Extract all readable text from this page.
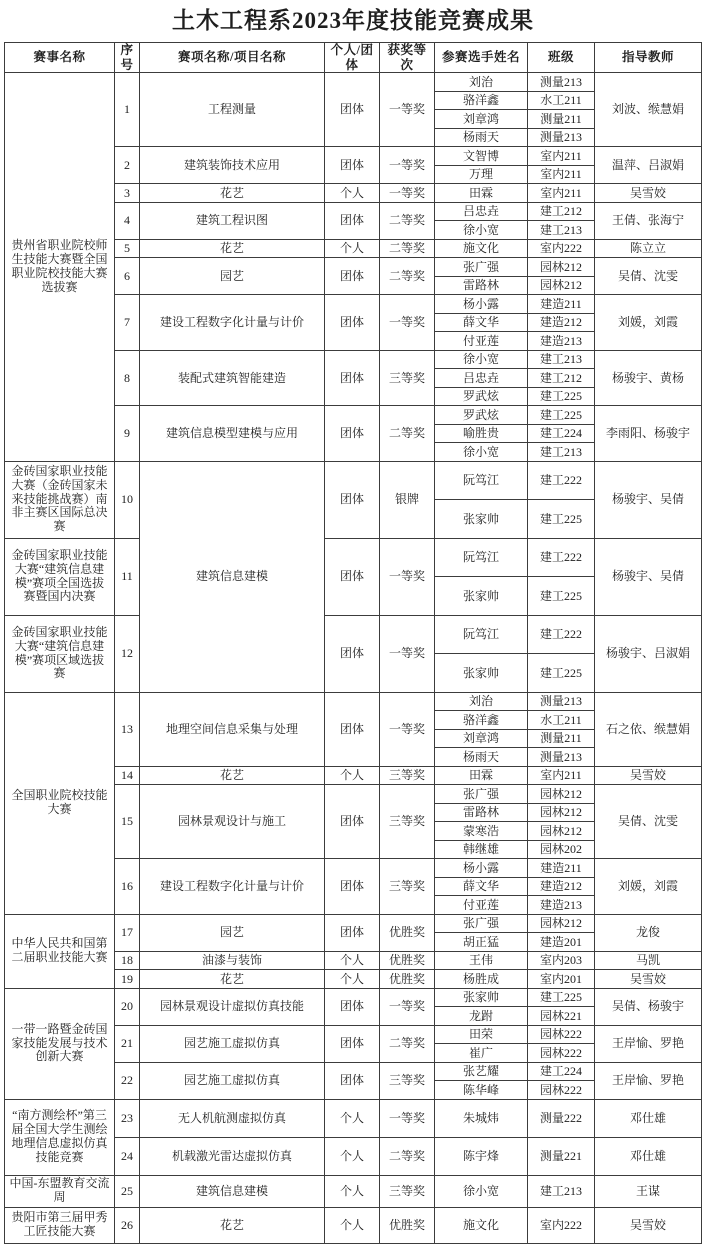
土木工程系2023年度技能竞赛成果
赛事名称	序号	赛项名称/项目名称	个人/团体	获奖等次	参赛选手姓名	班级	指导教师
贵州省职业院校师生技能大赛暨全国职业院校技能大赛选拔赛	1	工程测量	团体	一等奖	刘治	测量213	刘波、缑慧娟
					骆洋鑫	水工211	
					刘章鸿	测量211	
					杨雨天	测量213	
	2	建筑装饰技术应用	团体	一等奖	文智博	室内211	温萍、吕淑娟
					万理	室内211	
	3	花艺	个人	一等奖	田霖	室内211	吴雪姣
	4	建筑工程识图	团体	二等奖	吕忠垚	建工212	王倩、张海宁
					徐小宽	建工213	
	5	花艺	个人	二等奖	施文化	室内222	陈立立
	6	园艺	团体	二等奖	张广强	园林212	吴倩、沈雯
					雷路林	园林212	
	7	建设工程数字化计量与计价	团体	一等奖	杨小露	建造211	刘媛，刘霞
					薛文华	建造212	
					付亚莲	建造213	
	8	装配式建筑智能建造	团体	三等奖	徐小宽	建工213	杨骏宇、黄杨
					吕忠垚	建工212	
					罗武炫	建工225	
	9	建筑信息模型建模与应用	团体	二等奖	罗武炫	建工225	李雨阳、杨骏宇
					喻胜贵	建工224	
					徐小宽	建工213	
金砖国家职业技能大赛（金砖国家未来技能挑战赛）南非主赛区国际总决赛	10	建筑信息建模	团体	银牌	阮笃江	建工222	杨骏宇、吴倩
					张家帅	建工225	
金砖国家职业技能大赛“建筑信息建模”赛项全国选拔赛暨国内决赛	11		团体	一等奖	阮笃江	建工222	杨骏宇、吴倩
					张家帅	建工225	
金砖国家职业技能大赛“建筑信息建模”赛项区域选拔赛	12		团体	一等奖	阮笃江	建工222	杨骏宇、吕淑娟
					张家帅	建工225	
全国职业院校技能大赛	13	地理空间信息采集与处理	团体	一等奖	刘治	测量213	石之依、缑慧娟
					骆洋鑫	水工211	
					刘章鸿	测量211	
					杨雨天	测量213	
	14	花艺	个人	三等奖	田霖	室内211	吴雪姣
	15	园林景观设计与施工	团体	三等奖	张广强	园林212	吴倩、沈雯
					雷路林	园林212	
					蒙寒浩	园林212	
					韩继雄	园林202	
	16	建设工程数字化计量与计价	团体	三等奖	杨小露	建造211	刘媛，刘霞
					薛文华	建造212	
					付亚莲	建造213	
中华人民共和国第二届职业技能大赛	17	园艺	团体	优胜奖	张广强	园林212	龙俊
					胡正猛	建造201	
	18	油漆与装饰	个人	优胜奖	王伟	室内203	马凯
	19	花艺	个人	优胜奖	杨胜成	室内201	吴雪姣
一带一路暨金砖国家技能发展与技术创新大赛	20	园林景观设计虚拟仿真技能	团体	一等奖	张家帅	建工225	吴倩、杨骏宇
					龙跗	园林221	
	21	园艺施工虚拟仿真	团体	二等奖	田荣	园林222	王岸愉、罗艳
					崔广	园林222	
	22	园艺施工虚拟仿真	团体	三等奖	张艺耀	建工224	王岸愉、罗艳
					陈华峰	园林222	
“南方测绘杯”第三届全国大学生测绘地理信息虚拟仿真技能竞赛	23	无人机航测虚拟仿真	个人	一等奖	朱城炜	测量222	邓仕雄
	24	机载激光雷达虚拟仿真	个人	二等奖	陈宇烽	测量221	邓仕雄
中国-东盟教育交流周	25	建筑信息建模	个人	三等奖	徐小宽	建工213	王谋
贵阳市第三届甲秀工匠技能大赛	26	花艺	个人	优胜奖	施文化	室内222	吴雪姣
